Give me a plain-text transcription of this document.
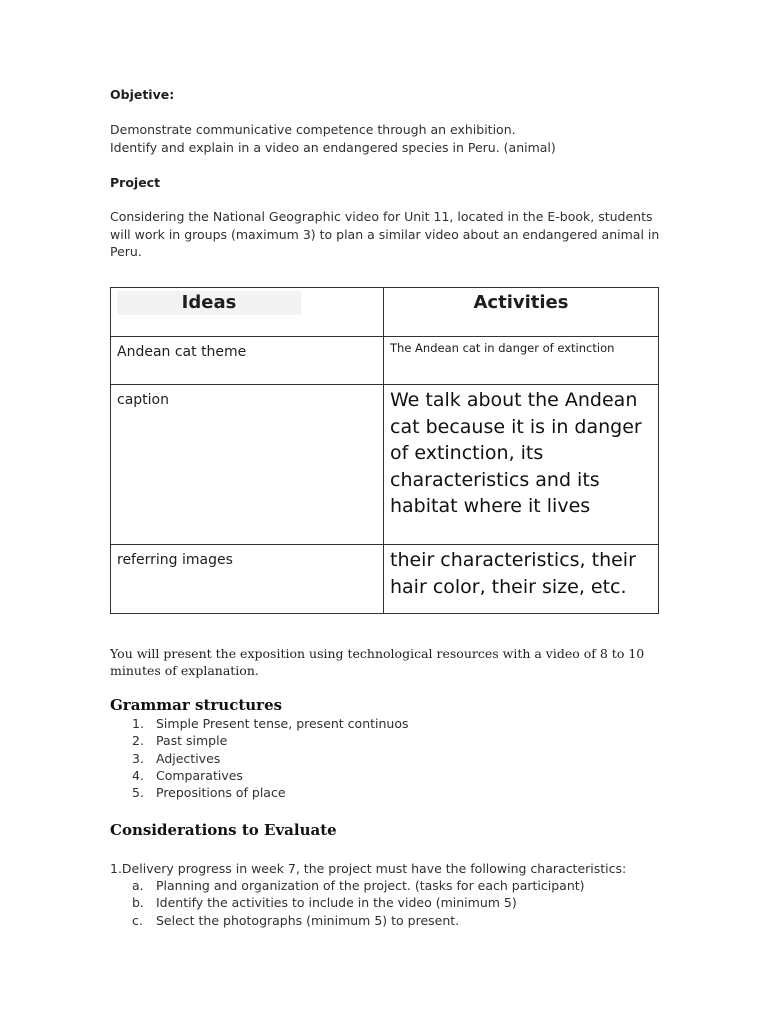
Objetive:

Demonstrate communicative competence through an exhibition.

Identify and explain in a video an endangered species in Peru. (animal)

Project

Considering the National Geographic video for Unit 11, located in the E-book, students

will work in groups (maximum 3) to plan a similar video about an endangered animal in

Peru.

Ideas	Activities
Andean cat theme	The Andean cat in danger of extinction
caption	We talk about the Andean
cat because it is in danger
of extinction, its
characteristics and its
habitat where it lives

referring images	their characteristics, their
hair color, their size, etc.

You will present the exposition using technological resources with a video of 8 to 10

minutes of explanation.

Grammar structures

1. Simple Present tense, present continuos
2. Past simple
3. Adjectives
4. Comparatives
5. Prepositions of place

Considerations to Evaluate

1.Delivery progress in week 7, the project must have the following characteristics:

a. Planning and organization of the project. (tasks for each participant)
b. Identify the activities to include in the video (minimum 5)
c. Select the photographs (minimum 5) to present.
